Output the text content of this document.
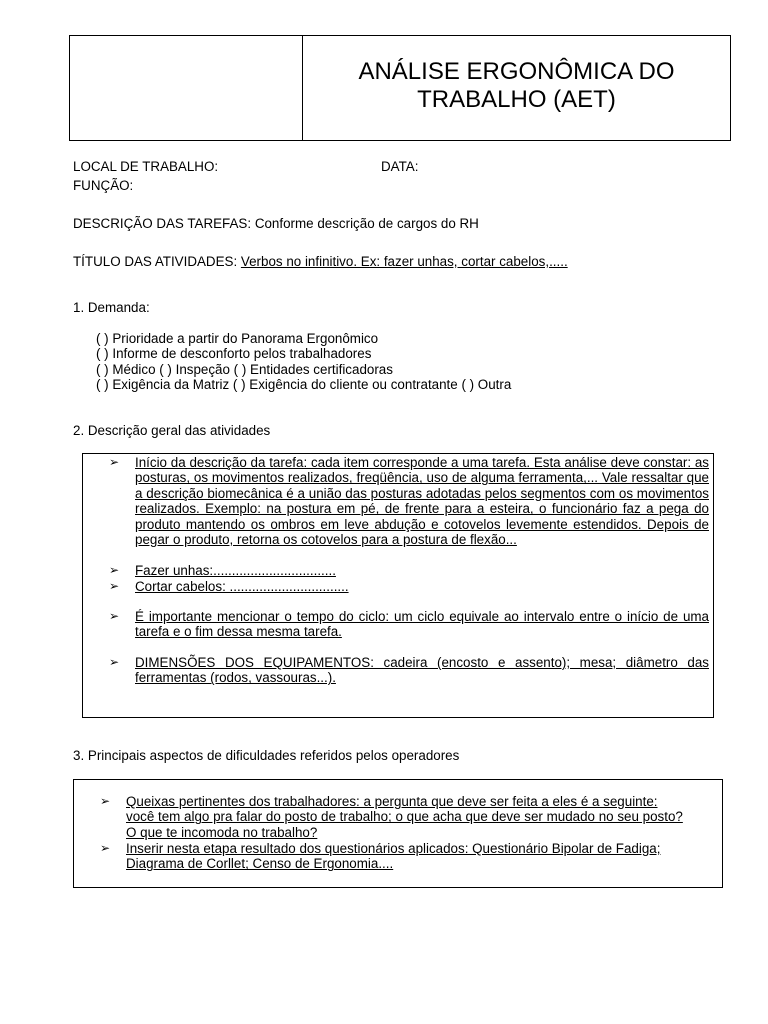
ANÁLISE ERGONÔMICA DO
TRABALHO (AET)
LOCAL DE TRABALHO:	DATA:
FUNÇÃO:
DESCRIÇÃO DAS TAREFAS: Conforme descrição de cargos do RH
TÍTULO DAS ATIVIDADES: Verbos no infinitivo. Ex: fazer unhas, cortar cabelos,.....
1. Demanda:
( ) Prioridade a partir do Panorama Ergonômico
( ) Informe de desconforto pelos trabalhadores
( ) Médico ( ) Inspeção ( ) Entidades certificadoras
( ) Exigência da Matriz ( ) Exigência do cliente ou contratante ( ) Outra
2. Descrição geral das atividades
➢	Início da descrição da tarefa: cada item corresponde a uma tarefa. Esta análise deve constar: as posturas, os movimentos realizados, freqüência, uso de alguma ferramenta,... Vale ressaltar que a descrição biomecânica é a união das posturas adotadas pelos segmentos com os movimentos realizados. Exemplo: na postura em pé, de frente para a esteira, o funcionário faz a pega do produto mantendo os ombros em leve abdução e cotovelos levemente estendidos. Depois de pegar o produto, retorna os cotovelos para a postura de flexão...
➢	Fazer unhas:.................................
➢	Cortar cabelos: ................................
➢	É importante mencionar o tempo do ciclo: um ciclo equivale ao intervalo entre o início de uma tarefa e o fim dessa mesma tarefa.
➢	DIMENSÕES DOS EQUIPAMENTOS: cadeira (encosto e assento); mesa; diâmetro das ferramentas (rodos, vassouras...).
3. Principais aspectos de dificuldades referidos pelos operadores
➢	Queixas pertinentes dos trabalhadores: a pergunta que deve ser feita a eles é a seguinte:
você tem algo pra falar do posto de trabalho; o que acha que deve ser mudado no seu posto?
O que te incomoda no trabalho?
➢	Inserir nesta etapa resultado dos questionários aplicados: Questionário Bipolar de Fadiga;
Diagrama de Corllet; Censo de Ergonomia....
